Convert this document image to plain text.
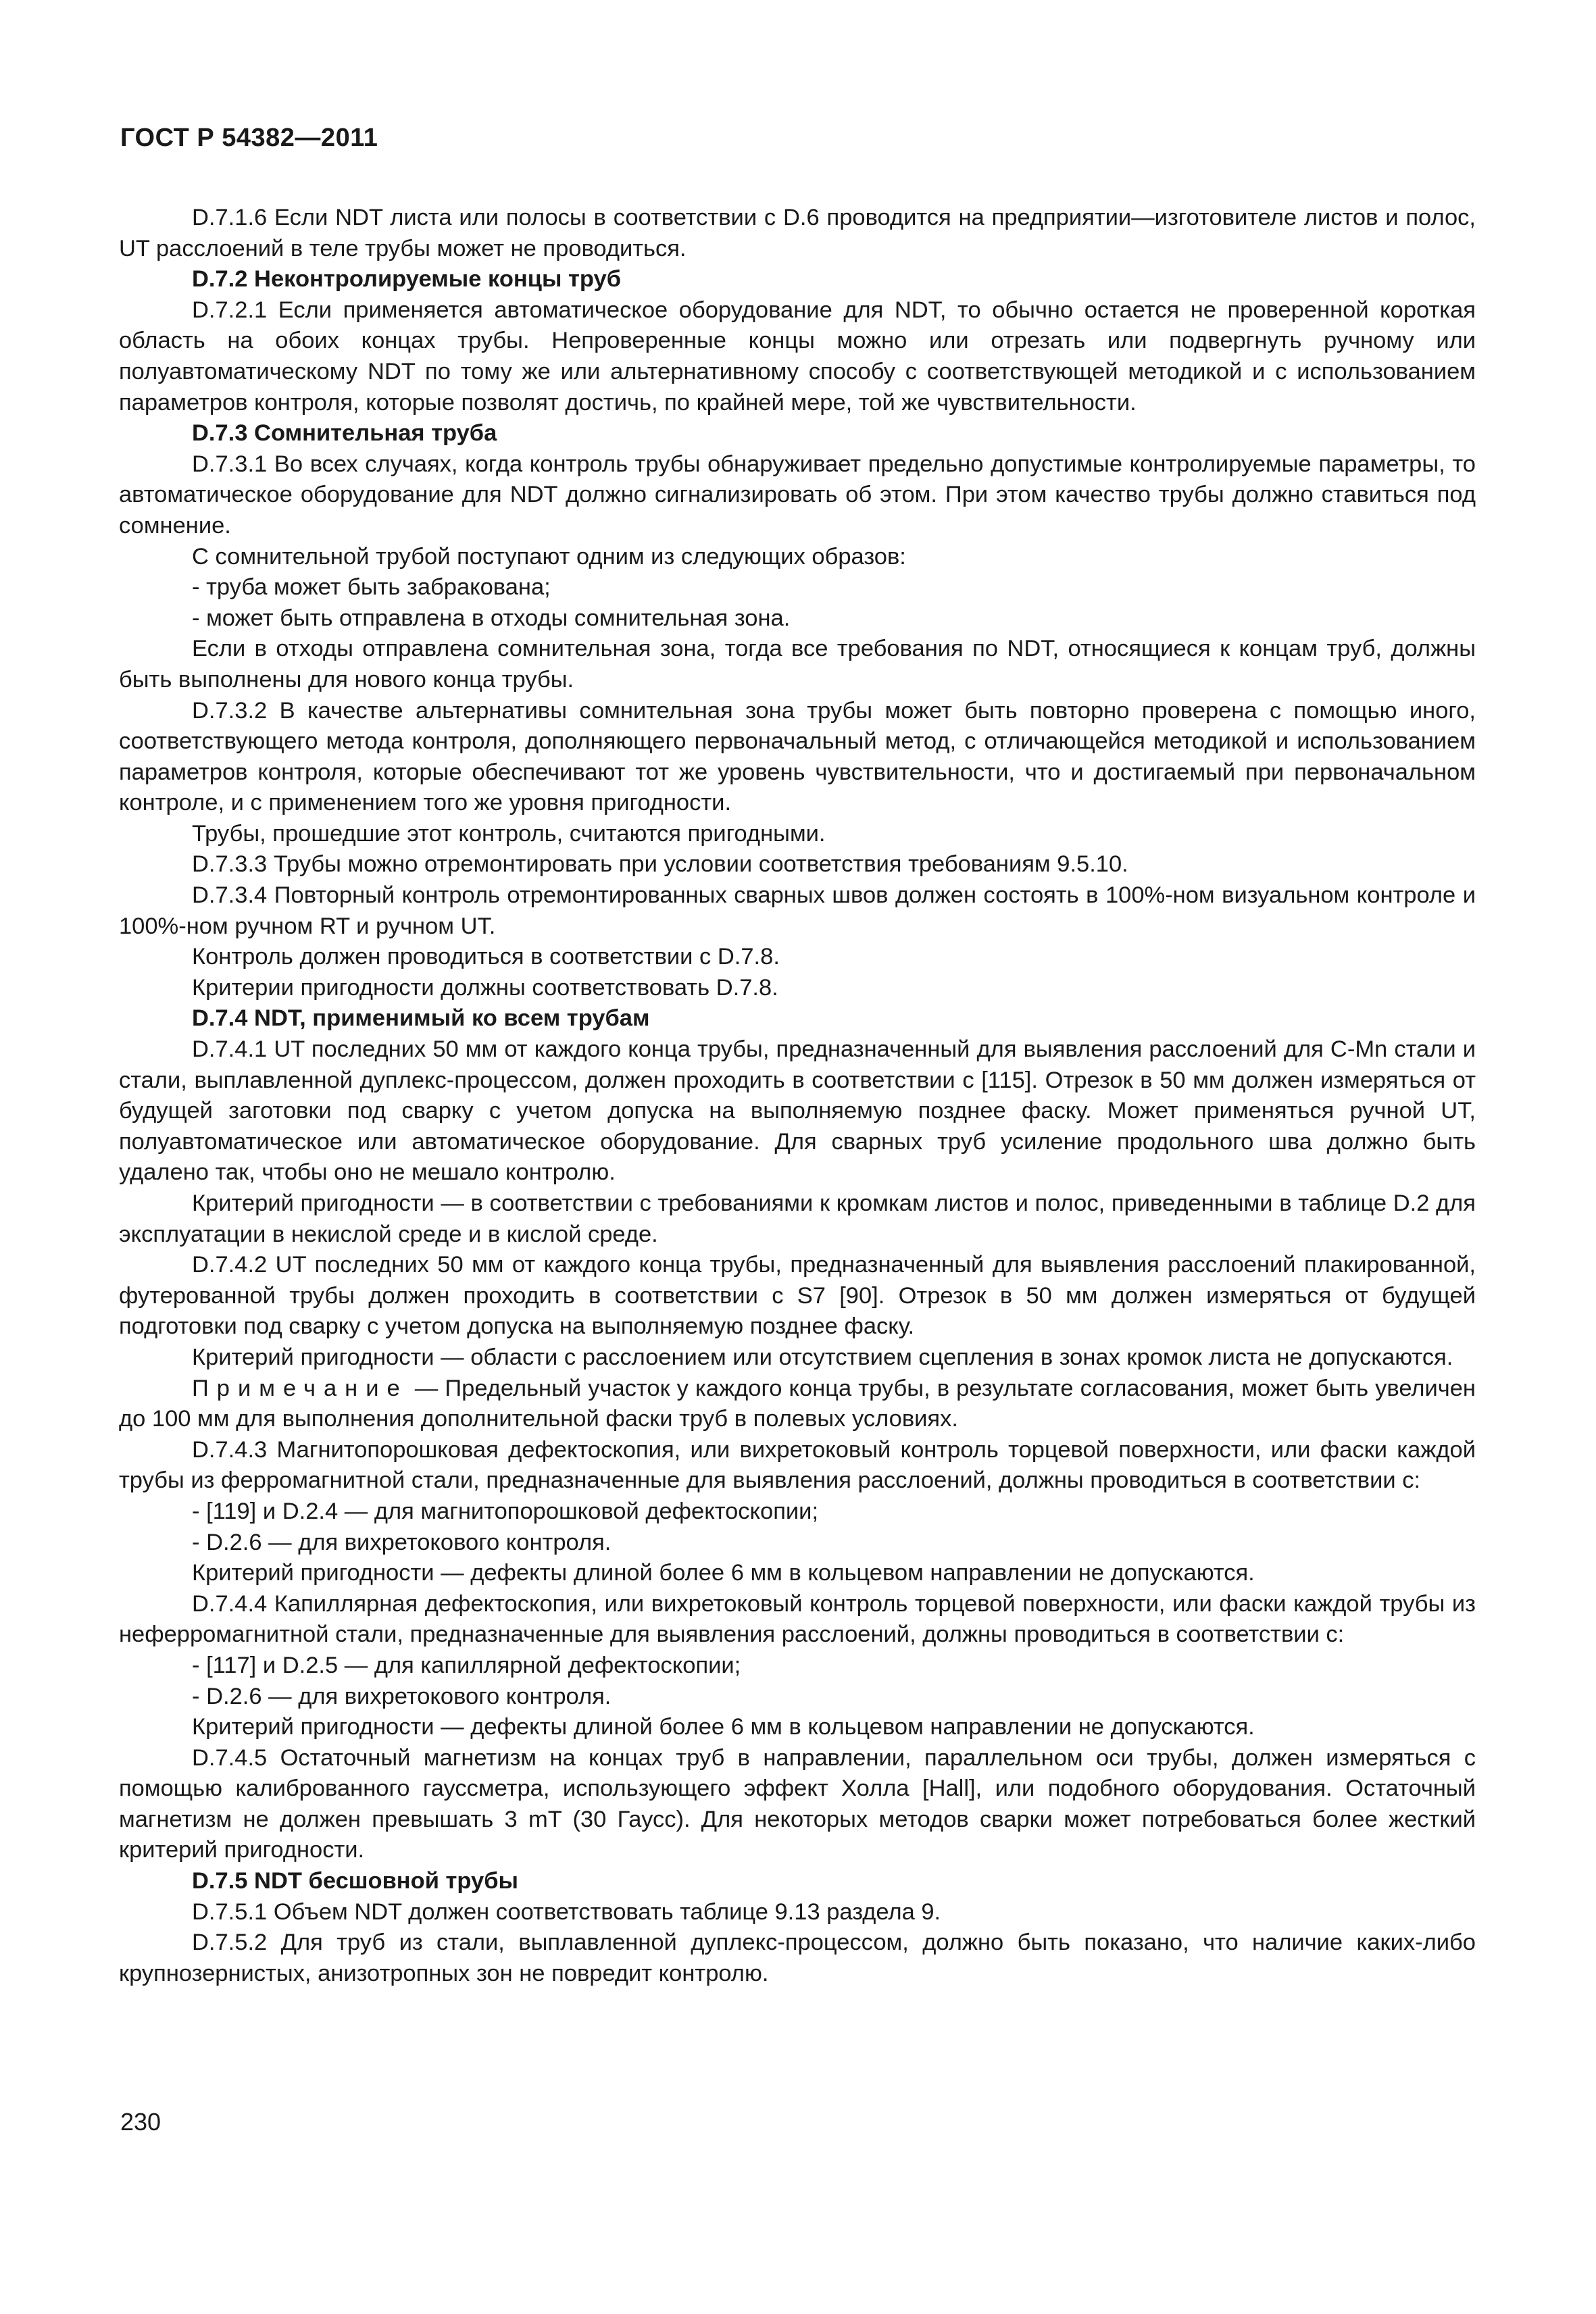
ГОСТ Р 54382—2011

D.7.1.6 Если NDT листа или полосы в соответствии с D.6 проводится на предприятии—изготовителе листов и полос, UT расслоений в теле трубы может не проводиться.

D.7.2 Неконтролируемые концы труб

D.7.2.1 Если применяется автоматическое оборудование для NDT, то обычно остается не проверенной короткая область на обоих концах трубы. Непроверенные концы можно или отрезать или подвергнуть ручному или полуавтоматическому NDT по тому же или альтернативному способу с соответствующей методикой и с использованием параметров контроля, которые позволят достичь, по крайней мере, той же чувствительности.

D.7.3 Сомнительная труба

D.7.3.1 Во всех случаях, когда контроль трубы обнаруживает предельно допустимые контролируемые параметры, то автоматическое оборудование для NDT должно сигнализировать об этом. При этом качество трубы должно ставиться под сомнение.

С сомнительной трубой поступают одним из следующих образов:

- труба может быть забракована;

- может быть отправлена в отходы сомнительная зона.

Если в отходы отправлена сомнительная зона, тогда все требования по NDT, относящиеся к концам труб, должны быть выполнены для нового конца трубы.

D.7.3.2 В качестве альтернативы сомнительная зона трубы может быть повторно проверена с помощью иного, соответствующего метода контроля, дополняющего первоначальный метод, с отличающейся методикой и использованием параметров контроля, которые обеспечивают тот же уровень чувствительности, что и достигаемый при первоначальном контроле, и с применением того же уровня пригодности.

Трубы, прошедшие этот контроль, считаются пригодными.

D.7.3.3 Трубы можно отремонтировать при условии соответствия требованиям 9.5.10.

D.7.3.4 Повторный контроль отремонтированных сварных швов должен состоять в 100%-ном визуальном контроле и 100%-ном ручном RT и ручном UT.

Контроль должен проводиться в соответствии с D.7.8.

Критерии пригодности должны соответствовать D.7.8.

D.7.4 NDT, применимый ко всем трубам

D.7.4.1 UT последних 50 мм от каждого конца трубы, предназначенный для выявления расслоений для C-Mn стали и стали, выплавленной дуплекс-процессом, должен проходить в соответствии с [115]. Отрезок в 50 мм должен измеряться от будущей заготовки под сварку с учетом допуска на выполняемую позднее фаску. Может применяться ручной UT, полуавтоматическое или автоматическое оборудование. Для сварных труб усиление продольного шва должно быть удалено так, чтобы оно не мешало контролю.

Критерий пригодности — в соответствии с требованиями к кромкам листов и полос, приведенными в таблице D.2 для эксплуатации в некислой среде и в кислой среде.

D.7.4.2 UT последних 50 мм от каждого конца трубы, предназначенный для выявления расслоений плакированной, футерованной трубы должен проходить в соответствии с S7 [90]. Отрезок в 50 мм должен измеряться от будущей подготовки под сварку с учетом допуска на выполняемую позднее фаску.

Критерий пригодности — области с расслоением или отсутствием сцепления в зонах кромок листа не допускаются.

Примечание — Предельный участок у каждого конца трубы, в результате согласования, может быть увеличен до 100 мм для выполнения дополнительной фаски труб в полевых условиях.

D.7.4.3 Магнитопорошковая дефектоскопия, или вихретоковый контроль торцевой поверхности, или фаски каждой трубы из ферромагнитной стали, предназначенные для выявления расслоений, должны проводиться в соответствии с:

- [119] и D.2.4 — для магнитопорошковой дефектоскопии;

- D.2.6 — для вихретокового контроля.

Критерий пригодности — дефекты длиной более 6 мм в кольцевом направлении не допускаются.

D.7.4.4 Капиллярная дефектоскопия, или вихретоковый контроль торцевой поверхности, или фаски каждой трубы из неферромагнитной стали, предназначенные для выявления расслоений, должны проводиться в соответствии с:

- [117] и D.2.5 — для капиллярной дефектоскопии;

- D.2.6 — для вихретокового контроля.

Критерий пригодности — дефекты длиной более 6 мм в кольцевом направлении не допускаются.

D.7.4.5 Остаточный магнетизм на концах труб в направлении, параллельном оси трубы, должен измеряться с помощью калиброванного гауссметра, использующего эффект Холла [Hall], или подобного оборудования. Остаточный магнетизм не должен превышать 3 mT (30 Гаусс). Для некоторых методов сварки может потребоваться более жесткий критерий пригодности.

D.7.5 NDT бесшовной трубы

D.7.5.1 Объем NDT должен соответствовать таблице 9.13 раздела 9.

D.7.5.2 Для труб из стали, выплавленной дуплекс-процессом, должно быть показано, что наличие каких-либо крупнозернистых, анизотропных зон не повредит контролю.

230
